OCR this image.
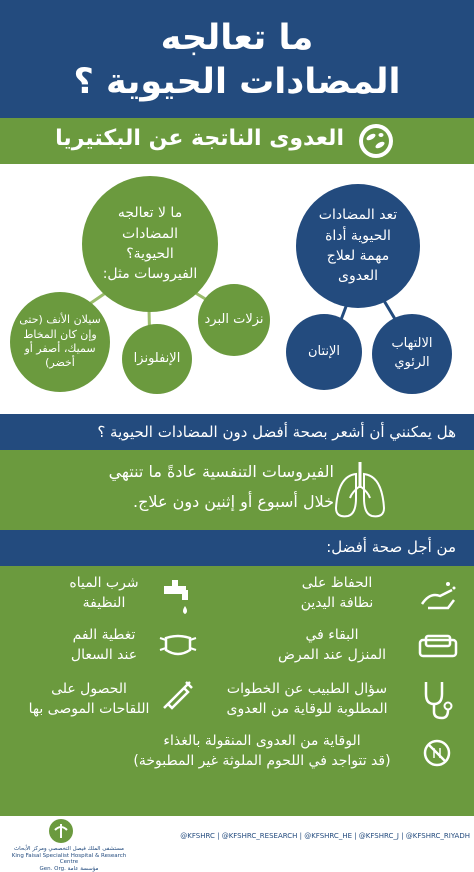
ما تعالجه
المضادات الحيوية ؟
العدوى الناتجة عن البكتيريا
ما لا تعالجه المضادات الحيوية؟ الفيروسات مثل:
نزلات البرد
الإنفلونزا
سيلان الأنف (حتى وإن كان المخاط سميك، أصفر أو أخضر)
تعد المضادات الحيوية أداة مهمة لعلاج العدوى
الالتهاب الرئوي
الإنتان
هل يمكنني أن أشعر بصحة أفضل دون المضادات الحيوية ؟
الفيروسات التنفسية عادةً ما تنتهي
خلال أسبوع أو إثنين دون علاج.
من أجل صحة أفضل:
الحفاظ على
نظافة اليدين
شرب المياه
النظيفة
البقاء في
المنزل عند المرض
تغطية الفم
عند السعال
سؤال الطبيب عن الخطوات
المطلوبة للوقاية من العدوى
الحصول على
اللقاحات الموصى بها
الوقاية من العدوى المنقولة بالغذاء
(قد تتواجد في اللحوم الملوثة غير المطبوخة)
مستشفى الملك فيصل التخصصي ومركز الأبحاث
King Faisal Specialist Hospital & Research Centre
Gen. Org. مؤسسة عامة
@KFSHRC | @KFSHRC_RESEARCH | @KFSHRC_HE | @KFSHRC_J | @KFSHRC_RIYADH
